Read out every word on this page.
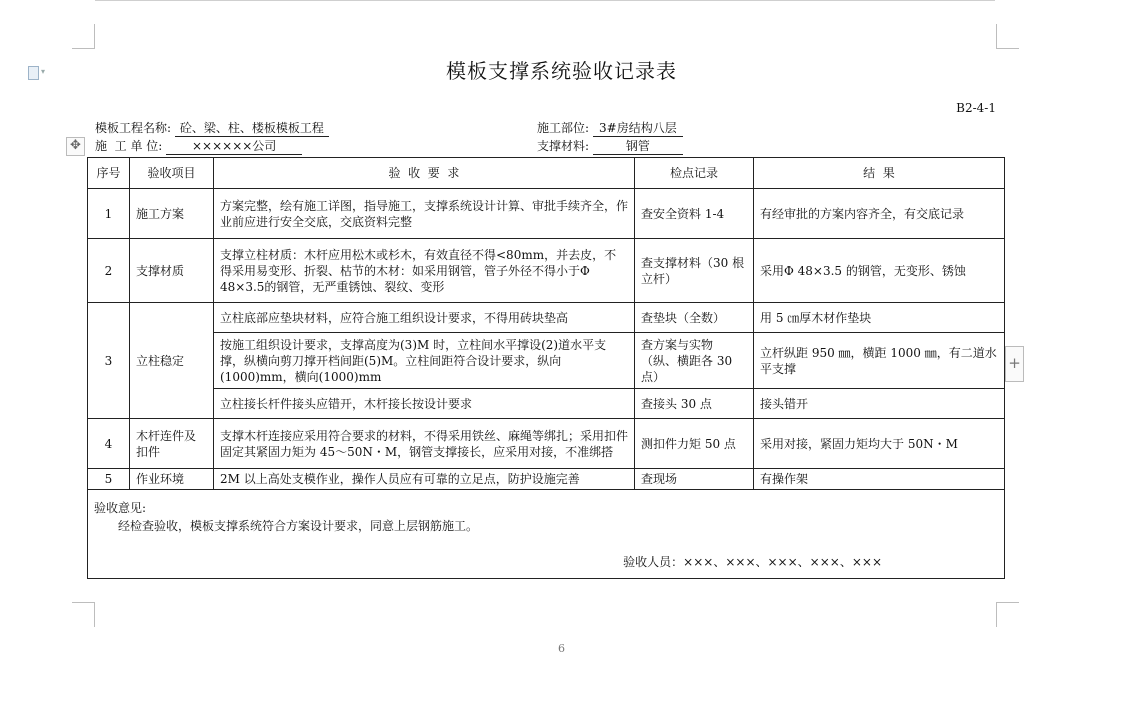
▾	模板支撑系统验收记录表
B2-4-1
模板工程名称: 砼、梁、柱、楼板模板工程
施  工 单 位: ××××××公司
施工部位: 3#房结构八层
支撑材料:	钢管
✥
序号	验收项目	验  收  要  求	检点记录	结  果
1	施工方案	方案完整，绘有施工详图，指导施工，支撑系统设计计算、审批手续齐全，作业前应进行安全交底，交底资料完整	查安全资料 1-4	有经审批的方案内容齐全，有交底记录
2	支撑材质	支撑立柱材质：木杆应用松木或杉木，有效直径不得<80mm，并去皮，不得采用易变形、折裂、枯节的木材：如采用钢管，管子外径不得小于Φ 48×3.5的钢管，无严重锈蚀、裂纹、变形	查支撑材料（30 根立杆）	采用Φ 48×3.5 的钢管，无变形、锈蚀
3	立柱稳定	立柱底部应垫块材料，应符合施工组织设计要求，不得用砖块垫高	查垫块（全数）	用 5 ㎝厚木材作垫块
		按施工组织设计要求，支撑高度为(3)M 时，立柱间水平撑设(2)道水平支撑，纵横向剪刀撑开档间距(5)M。立柱间距符合设计要求，纵向(1000)mm，横向(1000)mm	查方案与实物（纵、横距各 30 点）	立杆纵距 950 ㎜，横距 1000 ㎜，有二道水平支撑
		立柱接长杆件接头应错开，木杆接长按设计要求	查接头 30 点	接头错开
4	木杆连件及扣件	支撑木杆连接应采用符合要求的材料，不得采用铁丝、麻绳等绑扎；采用扣件固定其紧固力矩为 45～50N・M，钢管支撑接长，应采用对接，不准绑搭	测扣件力矩 50 点	采用对接，紧固力矩均大于 50N・M
5	作业环境	2M 以上高处支模作业，操作人员应有可靠的立足点，防护设施完善	查现场	有操作架

验收意见:
经检查验收，模板支撑系统符合方案设计要求，同意上层钢筋施工。
验收人员：×××、×××、×××、×××、×××				
+
6
